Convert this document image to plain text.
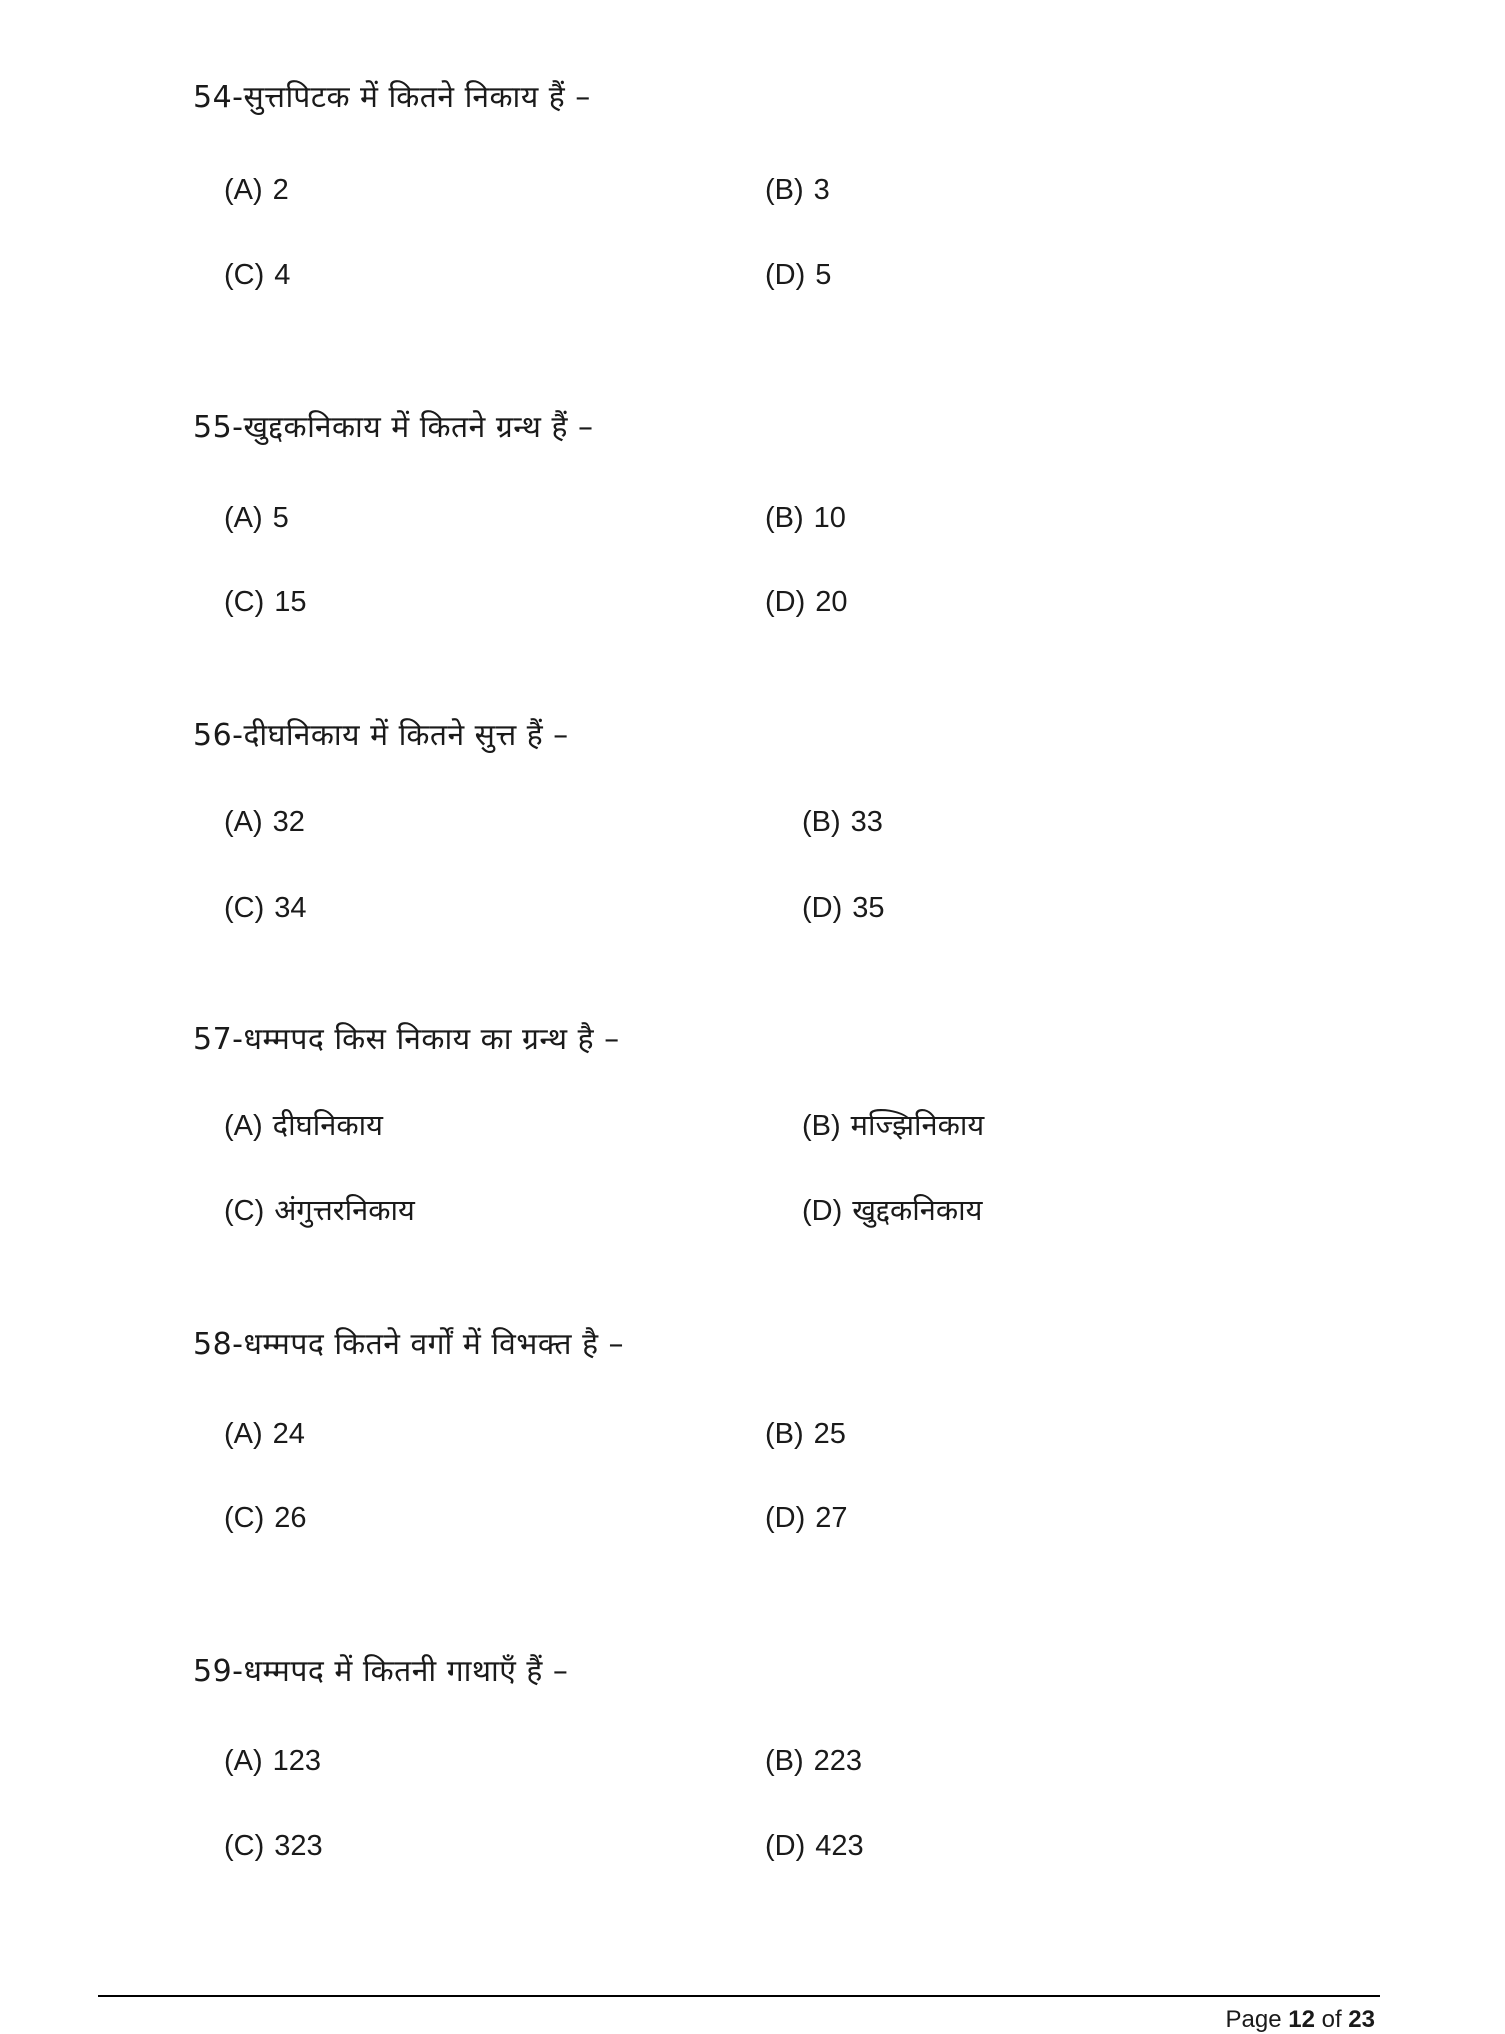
54-सुत्तपिटक में कितने निकाय हैं –
(A) 2	(B) 3
(C) 4	(D) 5
55-खुद्दकनिकाय में कितने ग्रन्थ हैं –
(A) 5	(B) 10
(C) 15	(D) 20
56-दीघनिकाय में कितने सुत्त हैं –
(A) 32	(B) 33
(C) 34	(D) 35
57-धम्मपद किस निकाय का ग्रन्थ है –
(A) दीघनिकाय	(B) मज्झिनिकाय
(C) अंगुत्तरनिकाय	(D) खुद्दकनिकाय
58-धम्मपद कितने वर्गों में विभक्त है –
(A) 24	(B) 25
(C) 26	(D) 27
59-धम्मपद में कितनी गाथाएँ हैं –
(A) 123	(B) 223
(C) 323	(D) 423
Page 12 of 23
